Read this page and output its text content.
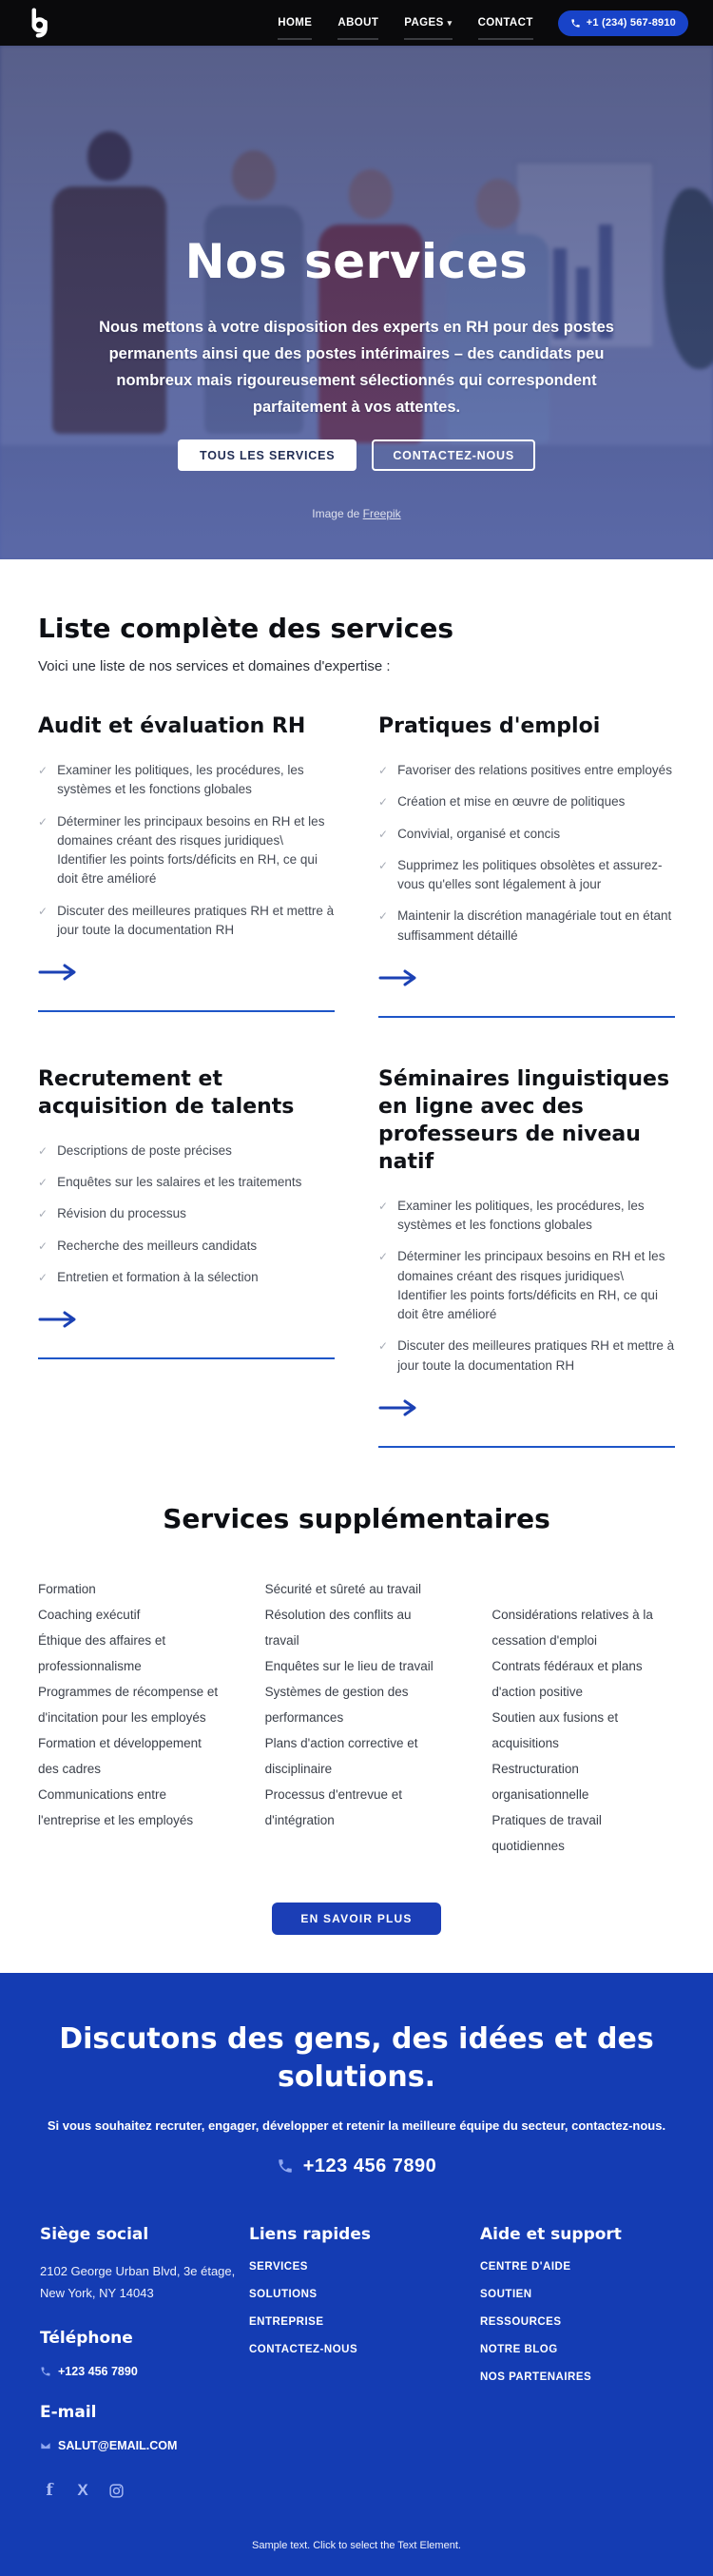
HOME ABOUT PAGES ▾ CONTACT	+1 (234) 567-8910
Nos services

Nous mettons à votre disposition des experts en RH pour des postes permanents ainsi que des postes intérimaires – des candidats peu nombreux mais rigoureusement sélectionnés qui correspondent parfaitement à vos attentes.

TOUS LES SERVICES	CONTACTEZ-NOUS
Image de Freepik
Liste complète des services

Voici une liste de nos services et domaines d'expertise :

Audit et évaluation RH
✓ Examiner les politiques, les procédures, les systèmes et les fonctions globales
✓ Déterminer les principaux besoins en RH et les domaines créant des risques juridiques\ Identifier les points forts/déficits en RH, ce qui doit être amélioré
✓ Discuter des meilleures pratiques RH et mettre à jour toute la documentation RH
Pratiques d'emploi
✓ Favoriser des relations positives entre employés
✓ Création et mise en œuvre de politiques
✓ Convivial, organisé et concis
✓ Supprimez les politiques obsolètes et assurez-vous qu'elles sont légalement à jour
✓ Maintenir la discrétion managériale tout en étant suffisamment détaillé
Recrutement et acquisition de talents
✓ Descriptions de poste précises
✓ Enquêtes sur les salaires et les traitements
✓ Révision du processus
✓ Recherche des meilleurs candidats
✓ Entretien et formation à la sélection
Séminaires linguistiques en ligne avec des professeurs de niveau natif
✓ Examiner les politiques, les procédures, les systèmes et les fonctions globales
✓ Déterminer les principaux besoins en RH et les domaines créant des risques juridiques\ Identifier les points forts/déficits en RH, ce qui doit être amélioré
✓ Discuter des meilleures pratiques RH et mettre à jour toute la documentation RH
Services supplémentaires
Formation
Coaching exécutif
Éthique des affaires et professionnalisme
Programmes de récompense et d'incitation pour les employés
Formation et développement des cadres
Communications entre l'entreprise et les employés
Sécurité et sûreté au travail
Résolution des conflits au travail
Enquêtes sur le lieu de travail
Systèmes de gestion des performances
Plans d'action corrective et disciplinaire
Processus d'entrevue et d'intégration
Considérations relatives à la cessation d'emploi
Contrats fédéraux et plans d'action positive
Soutien aux fusions et acquisitions
Restructuration organisationnelle
Pratiques de travail quotidiennes
EN SAVOIR PLUS
Discutons des gens, des idées et des solutions.

Si vous souhaitez recruter, engager, développer et retenir la meilleure équipe du secteur, contactez-nous.

+123 456 7890
Siège social
2102 George Urban Blvd, 3e étage,
New York, NY 14043
Téléphone
+123 456 7890
E-mail
SALUT@EMAIL.COM
Liens rapides
SERVICES
SOLUTIONS
ENTREPRISE
CONTACTEZ-NOUS
Aide et support
CENTRE D'AIDE
SOUTIEN
RESSOURCES
NOTRE BLOG
NOS PARTENAIRES
f	X

Sample text. Click to select the Text Element.
